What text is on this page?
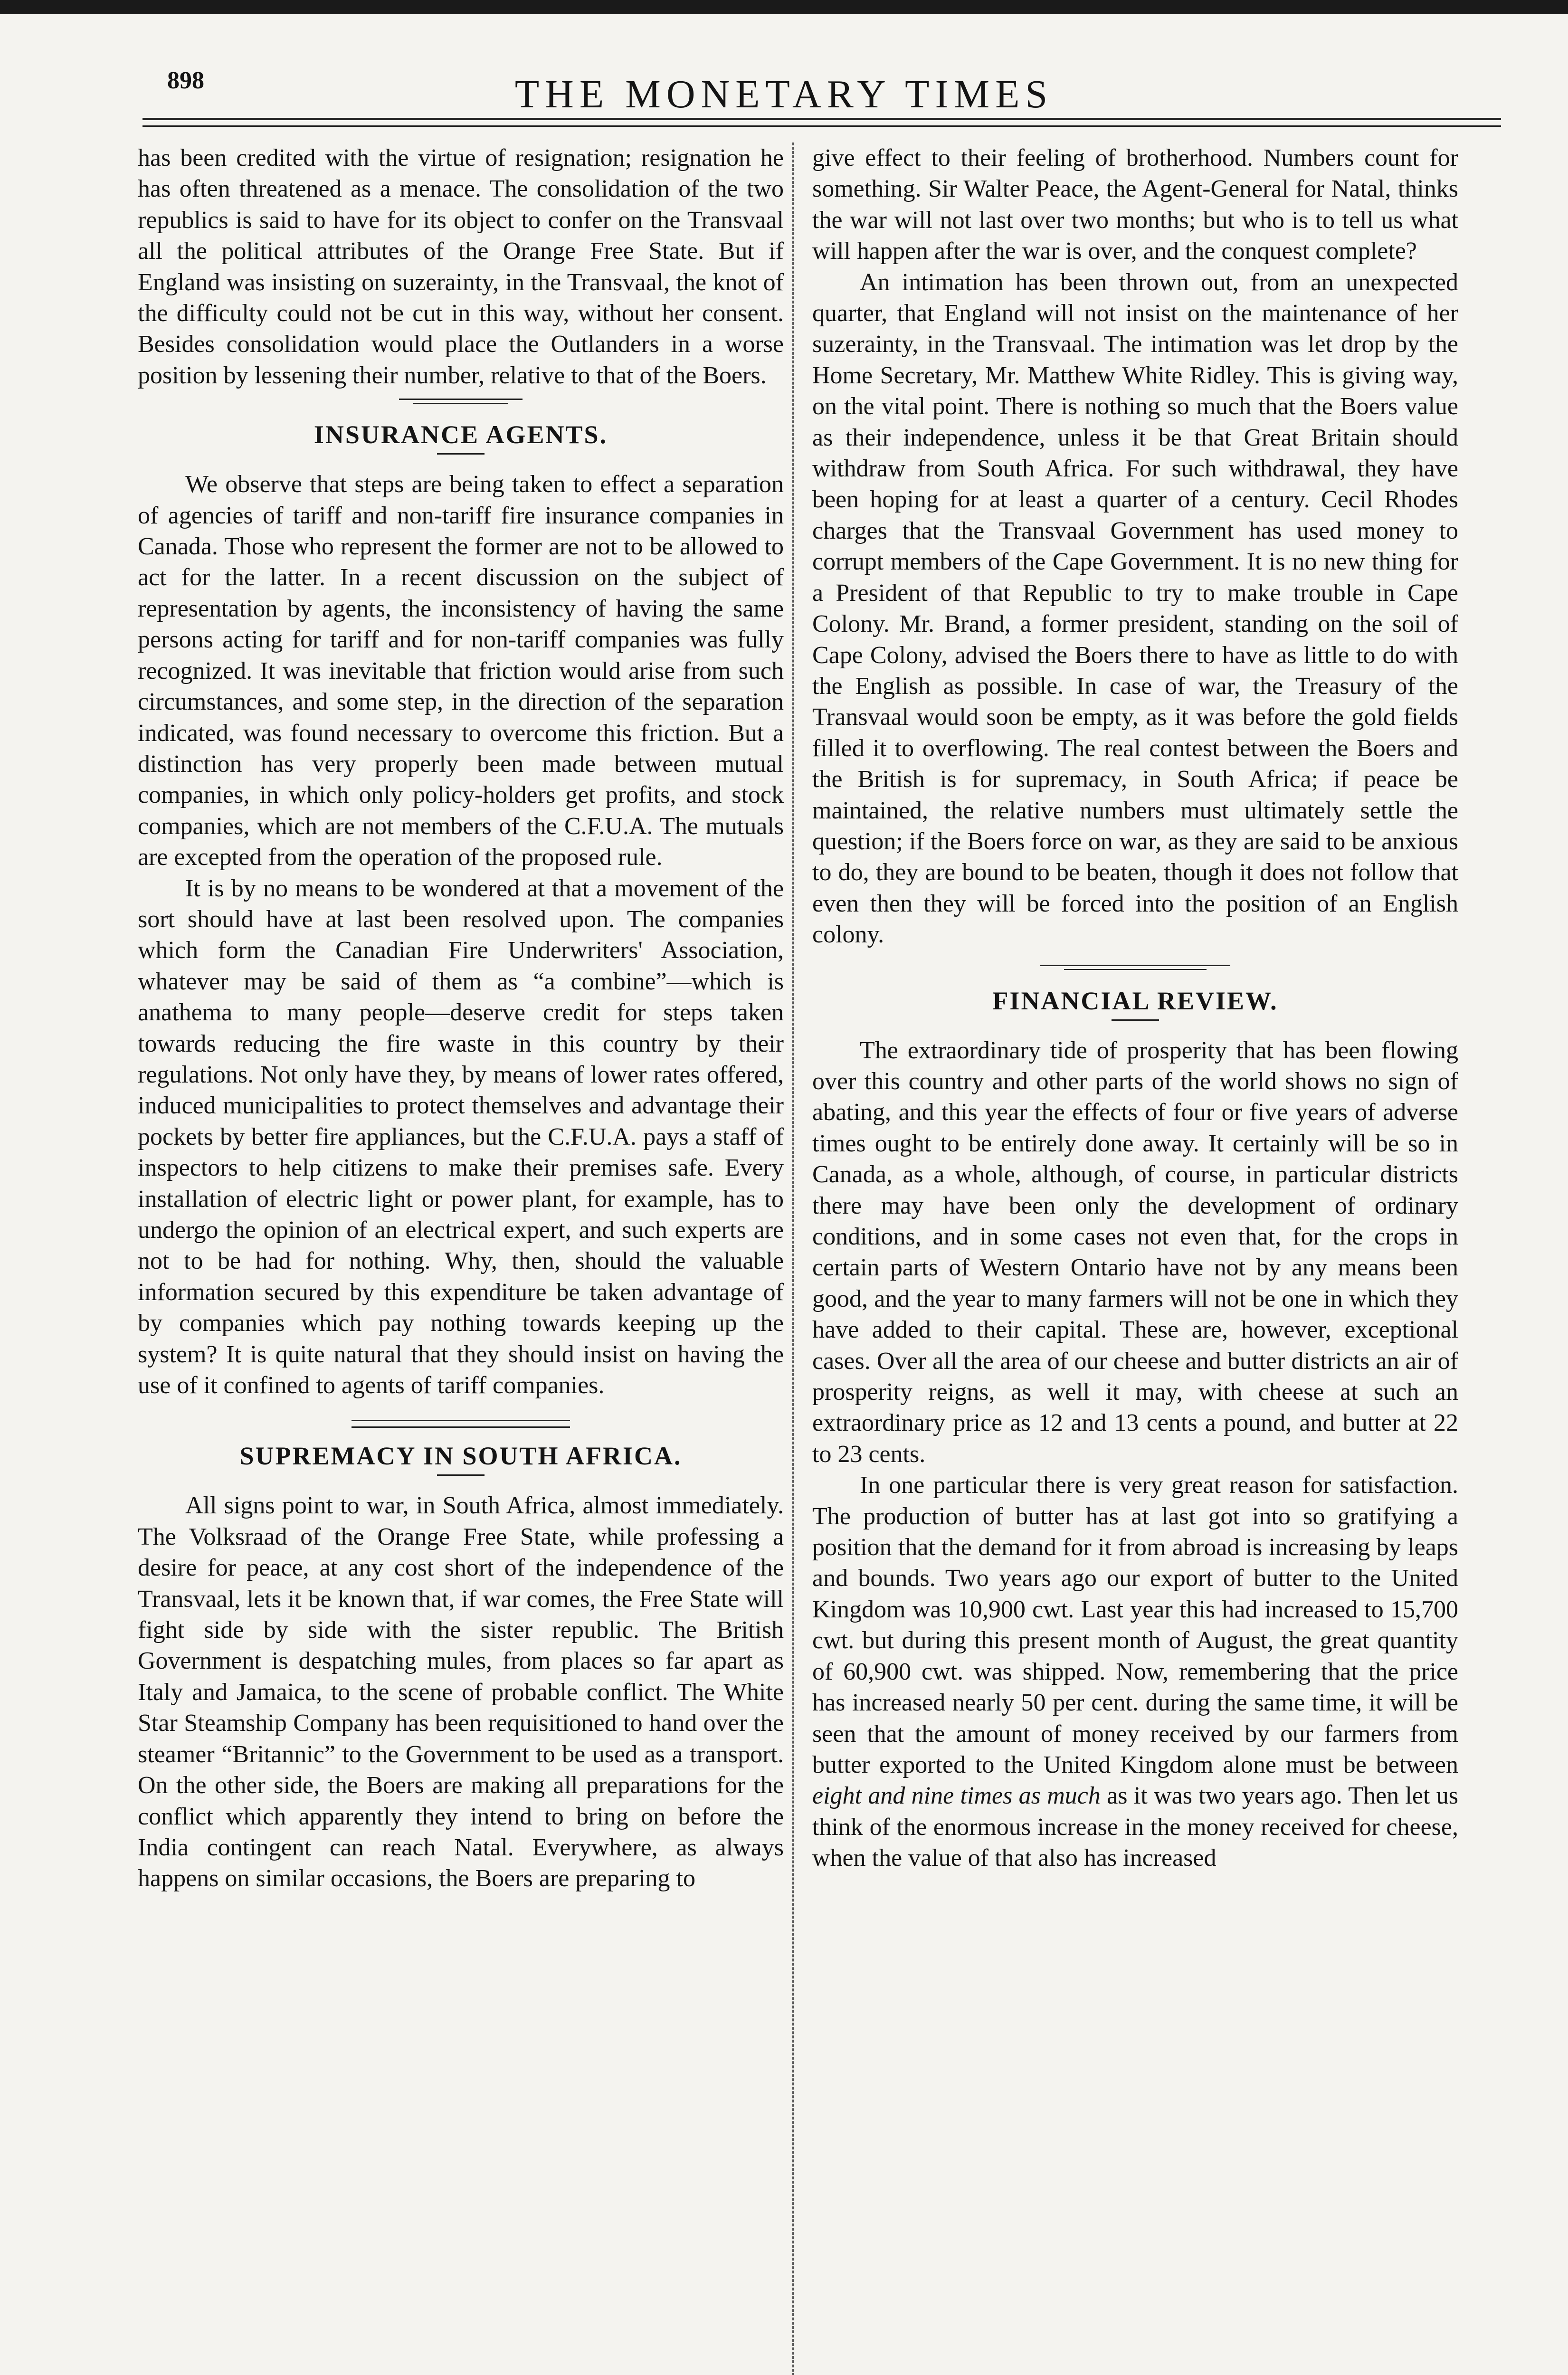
898	THE MONETARY TIMES

has been credited with the virtue of resignation; resignation he has often threatened as a menace. The consolidation of the two republics is said to have for its object to confer on the Transvaal all the political attributes of the Orange Free State. But if England was insisting on suzerainty, in the Transvaal, the knot of the difficulty could not be cut in this way, without her consent. Besides consolidation would place the Outlanders in a worse position by lessening their number, relative to that of the Boers.

INSURANCE AGENTS.

We observe that steps are being taken to effect a separation of agencies of tariff and non-tariff fire insurance companies in Canada. Those who represent the former are not to be allowed to act for the latter. In a recent discussion on the subject of representation by agents, the inconsistency of having the same persons acting for tariff and for non-tariff companies was fully recognized. It was inevitable that friction would arise from such circumstances, and some step, in the direction of the separation indicated, was found necessary to overcome this friction. But a distinction has very properly been made between mutual companies, in which only policy-holders get profits, and stock companies, which are not members of the C.F.U.A. The mutuals are excepted from the operation of the proposed rule.

It is by no means to be wondered at that a movement of the sort should have at last been resolved upon. The companies which form the Canadian Fire Underwriters' Association, whatever may be said of them as “a combine”—which is anathema to many people—deserve credit for steps taken towards reducing the fire waste in this country by their regulations. Not only have they, by means of lower rates offered, induced municipalities to protect themselves and advantage their pockets by better fire appliances, but the C.F.U.A. pays a staff of inspectors to help citizens to make their premises safe. Every installation of electric light or power plant, for example, has to undergo the opinion of an electrical expert, and such experts are not to be had for nothing. Why, then, should the valuable information secured by this expenditure be taken advantage of by companies which pay nothing towards keeping up the system? It is quite natural that they should insist on having the use of it confined to agents of tariff companies.

SUPREMACY IN SOUTH AFRICA.

All signs point to war, in South Africa, almost immediately. The Volksraad of the Orange Free State, while professing a desire for peace, at any cost short of the independence of the Transvaal, lets it be known that, if war comes, the Free State will fight side by side with the sister republic. The British Government is despatching mules, from places so far apart as Italy and Jamaica, to the scene of probable conflict. The White Star Steamship Company has been requisitioned to hand over the steamer “Britannic” to the Government to be used as a transport. On the other side, the Boers are making all preparations for the conflict which apparently they intend to bring on before the India contingent can reach Natal. Everywhere, as always happens on similar occasions, the Boers are preparing to

give effect to their feeling of brotherhood. Numbers count for something. Sir Walter Peace, the Agent-General for Natal, thinks the war will not last over two months; but who is to tell us what will happen after the war is over, and the conquest complete?

An intimation has been thrown out, from an unexpected quarter, that England will not insist on the maintenance of her suzerainty, in the Transvaal. The intimation was let drop by the Home Secretary, Mr. Matthew White Ridley. This is giving way, on the vital point. There is nothing so much that the Boers value as their independence, unless it be that Great Britain should withdraw from South Africa. For such withdrawal, they have been hoping for at least a quarter of a century. Cecil Rhodes charges that the Transvaal Government has used money to corrupt members of the Cape Government. It is no new thing for a President of that Republic to try to make trouble in Cape Colony. Mr. Brand, a former president, standing on the soil of Cape Colony, advised the Boers there to have as little to do with the English as possible. In case of war, the Treasury of the Transvaal would soon be empty, as it was before the gold fields filled it to overflowing. The real contest between the Boers and the British is for supremacy, in South Africa; if peace be maintained, the relative numbers must ultimately settle the question; if the Boers force on war, as they are said to be anxious to do, they are bound to be beaten, though it does not follow that even then they will be forced into the position of an English colony.

FINANCIAL REVIEW.

The extraordinary tide of prosperity that has been flowing over this country and other parts of the world shows no sign of abating, and this year the effects of four or five years of adverse times ought to be entirely done away. It certainly will be so in Canada, as a whole, although, of course, in particular districts there may have been only the development of ordinary conditions, and in some cases not even that, for the crops in certain parts of Western Ontario have not by any means been good, and the year to many farmers will not be one in which they have added to their capital. These are, however, exceptional cases. Over all the area of our cheese and butter districts an air of prosperity reigns, as well it may, with cheese at such an extraordinary price as 12 and 13 cents a pound, and butter at 22 to 23 cents.

In one particular there is very great reason for satisfaction. The production of butter has at last got into so gratifying a position that the demand for it from abroad is increasing by leaps and bounds. Two years ago our export of butter to the United Kingdom was 10,900 cwt. Last year this had increased to 15,700 cwt. but during this present month of August, the great quantity of 60,900 cwt. was shipped. Now, remembering that the price has increased nearly 50 per cent. during the same time, it will be seen that the amount of money received by our farmers from butter exported to the United Kingdom alone must be between eight and nine times as much as it was two years ago. Then let us think of the enormous increase in the money received for cheese, when the value of that also has increased
